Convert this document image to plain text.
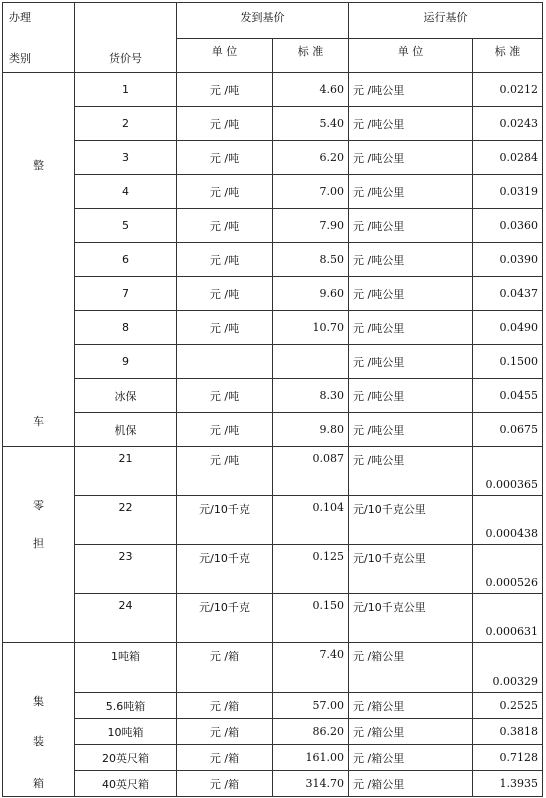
办理
类别	货价号	发到基价		运行基价	
		单 位	标 准	单 位	标 准

整
车	1	元 /吨	4.60	元 /吨公里	0.0212
	2	元 /吨	5.40	元 /吨公里	0.0243
	3	元 /吨	6.20	元 /吨公里	0.0284
	4	元 /吨	7.00	元 /吨公里	0.0319
	5	元 /吨	7.90	元 /吨公里	0.0360
	6	元 /吨	8.50	元 /吨公里	0.0390
	7	元 /吨	9.60	元 /吨公里	0.0437
	8	元 /吨	10.70	元 /吨公里	0.0490
	9			元 /吨公里	0.1500
	冰保	元 /吨	8.30	元 /吨公里	0.0455
	机保	元 /吨	9.80	元 /吨公里	0.0675

零
担	21	元 /吨	0.087	元 /吨公里	0.000365
	22	元/10千克	0.104	元/10千克公里	0.000438
	23	元/10千克	0.125	元/10千克公里	0.000526
	24	元/10千克	0.150	元/10千克公里	0.000631

集
装
箱	1吨箱	元 /箱	7.40	元 /箱公里	0.00329
	5.6吨箱	元 /箱	57.00	元 /箱公里	0.2525
	10吨箱	元 /箱	86.20	元 /箱公里	0.3818
	20英尺箱	元 /箱	161.00	元 /箱公里	0.7128
	40英尺箱	元 /箱	314.70	元 /箱公里	1.3935
